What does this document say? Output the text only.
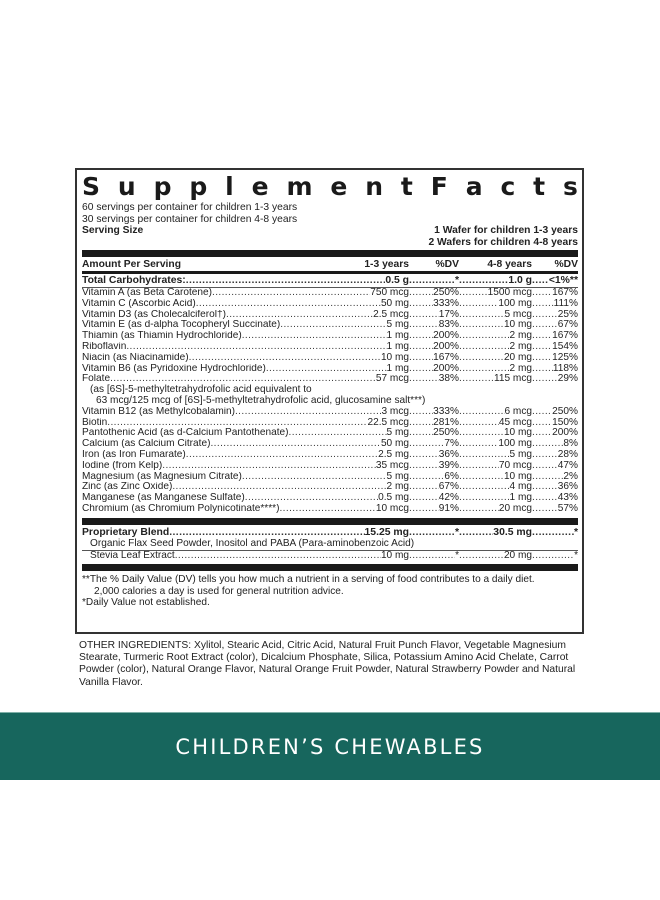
S u p p l e m e n t F a c t s
60 servings per container for children 1-3 years
30 servings per container for children 4-8 years
Serving Size	1 Wafer for children 1-3 years
2 Wafers for children 4-8 years
Amount Per Serving	1-3 years	%DV	4-8 years	%DV
Total Carbohydrates: .....	0.5 g .....	* .....	1.0 g ..... <1%**
Vitamin A (as Beta Carotene) .....	750 mcg ..... 250% .....	1500 mcg ..... 167%
Vitamin C (Ascorbic Acid) .....	50 mg ..... 333% .....	100 mg ..... 111%
Vitamin D3 (as Cholecalciferol†) .....	2.5 mcg .....	17% .....	5 mcg .....	25%
Vitamin E (as d-alpha Tocopheryl Succinate) .....	5 mg .....	83% .....	10 mg .....	67%
Thiamin (as Thiamin Hydrochloride) .....	1 mg ..... 200% .....	2 mg ..... 167%
Riboflavin .....	1 mg ..... 200% .....	2 mg ..... 154%
Niacin (as Niacinamide) .....	10 mg ..... 167% .....	20 mg ..... 125%
Vitamin B6 (as Pyridoxine Hydrochloride) .....	1 mg ..... 200% .....	2 mg ..... 118%
Folate .....	57 mcg .....	38% .....	115 mcg .....	29%
(as [6S]-5-methyltetrahydrofolic acid equivalent to
63 mcg/125 mcg of [6S]-5-methyltetrahydrofolic acid, glucosamine salt***)
Vitamin B12 (as Methylcobalamin) .....	3 mcg ..... 333% .....	6 mcg ..... 250%
Biotin .....	22.5 mcg ..... 281% .....	45 mcg ..... 150%
Pantothenic Acid (as d-Calcium Pantothenate) .....	5 mg ..... 250% .....	10 mg ..... 200%
Calcium (as Calcium Citrate) .....	50 mg .....	7% .....	100 mg .....	8%
Iron (as Iron Fumarate) .....	2.5 mg .....	36% .....	5 mg .....	28%
Iodine (from Kelp) .....	35 mcg .....	39% .....	70 mcg .....	47%
Magnesium (as Magnesium Citrate) .....	5 mg .....	6% .....	10 mg .....	2%
Zinc (as Zinc Oxide) .....	2 mg .....	67% .....	4 mg .....	36%
Manganese (as Manganese Sulfate) .....	0.5 mg .....	42% .....	1 mg .....	43%
Chromium (as Chromium Polynicotinate****) .....	10 mcg .....	91% .....	20 mcg .....	57%
Proprietary Blend .....	15.25 mg .....	* .....	30.5 mg .....	*
Organic Flax Seed Powder, Inositol and PABA (Para-aminobenzoic Acid)
Stevia Leaf Extract .....	10 mg .....	* .....	20 mg .....	*
**The % Daily Value (DV) tells you how much a nutrient in a serving of food contributes to a daily diet.
2,000 calories a day is used for general nutrition advice.
*Daily Value not established.
OTHER INGREDIENTS: Xylitol, Stearic Acid, Citric Acid, Natural Fruit Punch Flavor, Vegetable Magnesium Stearate, Turmeric Root Extract (color), Dicalcium Phosphate, Silica, Potassium Amino Acid Chelate, Carrot Powder (color), Natural Orange Flavor, Natural Orange Fruit Powder, Natural Strawberry Powder and Natural Vanilla Flavor.
CHILDREN’S CHEWABLES
